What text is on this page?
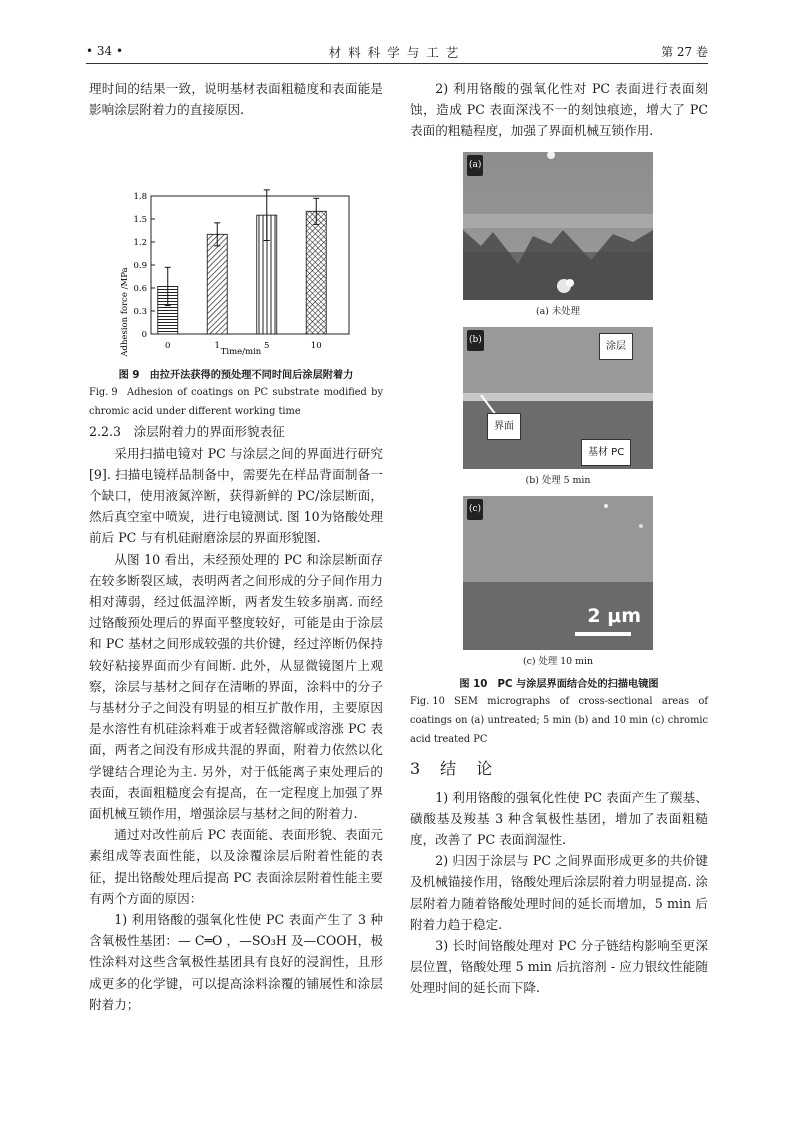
• 34 •	材料科学与工艺	第 27 卷

理时间的结果一致，说明基材表面粗糙度和表面能是影响涂层附着力的直接原因.

0
0.3
0.6
0.9
1.2
1.5
1.8
0	1	5	10
Adhesion force /MPa	Time/min
图 9　由拉开法获得的预处理不同时间后涂层附着力
Fig. 9 Adhesion of coatings on PC substrate modified by chromic acid under different working time

2.2.3　涂层附着力的界面形貌表征

采用扫描电镜对 PC 与涂层之间的界面进行研究[9]. 扫描电镜样品制备中，需要先在样品背面制备一个缺口，使用液氮淬断，获得新鲜的 PC/涂层断面，然后真空室中喷炭，进行电镜测试. 图 10为铬酸处理前后 PC 与有机硅耐磨涂层的界面形貌图.

从图 10 看出，未经预处理的 PC 和涂层断面存在较多断裂区域，表明两者之间形成的分子间作用力相对薄弱，经过低温淬断，两者发生较多崩离. 而经过铬酸预处理后的界面平整度较好，可能是由于涂层和 PC 基材之间形成较强的共价键，经过淬断仍保持较好粘接界面而少有间断. 此外，从显微镜图片上观察，涂层与基材之间存在清晰的界面，涂料中的分子与基材分子之间没有明显的相互扩散作用，主要原因是水溶性有机硅涂料难于或者轻微溶解或溶涨 PC 表面，两者之间没有形成共混的界面，附着力依然以化学键结合理论为主. 另外，对于低能离子束处理后的表面，表面粗糙度会有提高，在一定程度上加强了界面机械互锁作用，增强涂层与基材之间的附着力.

通过对改性前后 PC 表面能、表面形貌、表面元素组成等表面性能，以及涂覆涂层后附着性能的表征，提出铬酸处理后提高 PC 表面涂层附着性能主要有两个方面的原因：

1) 利用铬酸的强氧化性使 PC 表面产生了 3 种含氧极性基团：— C═O ，—SO₃H 及—COOH，极性涂料对这些含氧极性基团具有良好的浸润性，且形成更多的化学键，可以提高涂料涂覆的铺展性和涂层附着力；

2) 利用铬酸的强氧化性对 PC 表面进行表面刻蚀，造成 PC 表面深浅不一的刻蚀痕迹，增大了 PC 表面的粗糙程度，加强了界面机械互锁作用.

(a)
(a) 未处理
(b)
涂层
界面
基材 PC
(b) 处理 5 min
(c)
2 μm
(c) 处理 10 min
图 10　PC 与涂层界面结合处的扫描电镜图
Fig. 10 SEM micrographs of cross-sectional areas of coatings on (a) untreated; 5 min (b) and 10 min (c) chromic acid treated PC
3　结　论

1) 利用铬酸的强氧化性使 PC 表面产生了羰基、磺酸基及羧基 3 种含氧极性基团，增加了表面粗糙度，改善了 PC 表面润湿性.

2) 归因于涂层与 PC 之间界面形成更多的共价键及机械锚接作用，铬酸处理后涂层附着力明显提高. 涂层附着力随着铬酸处理时间的延长而增加，5 min 后附着力趋于稳定.

3) 长时间铬酸处理对 PC 分子链结构影响至更深层位置，铬酸处理 5 min 后抗溶剂 - 应力银纹性能随处理时间的延长而下降.
